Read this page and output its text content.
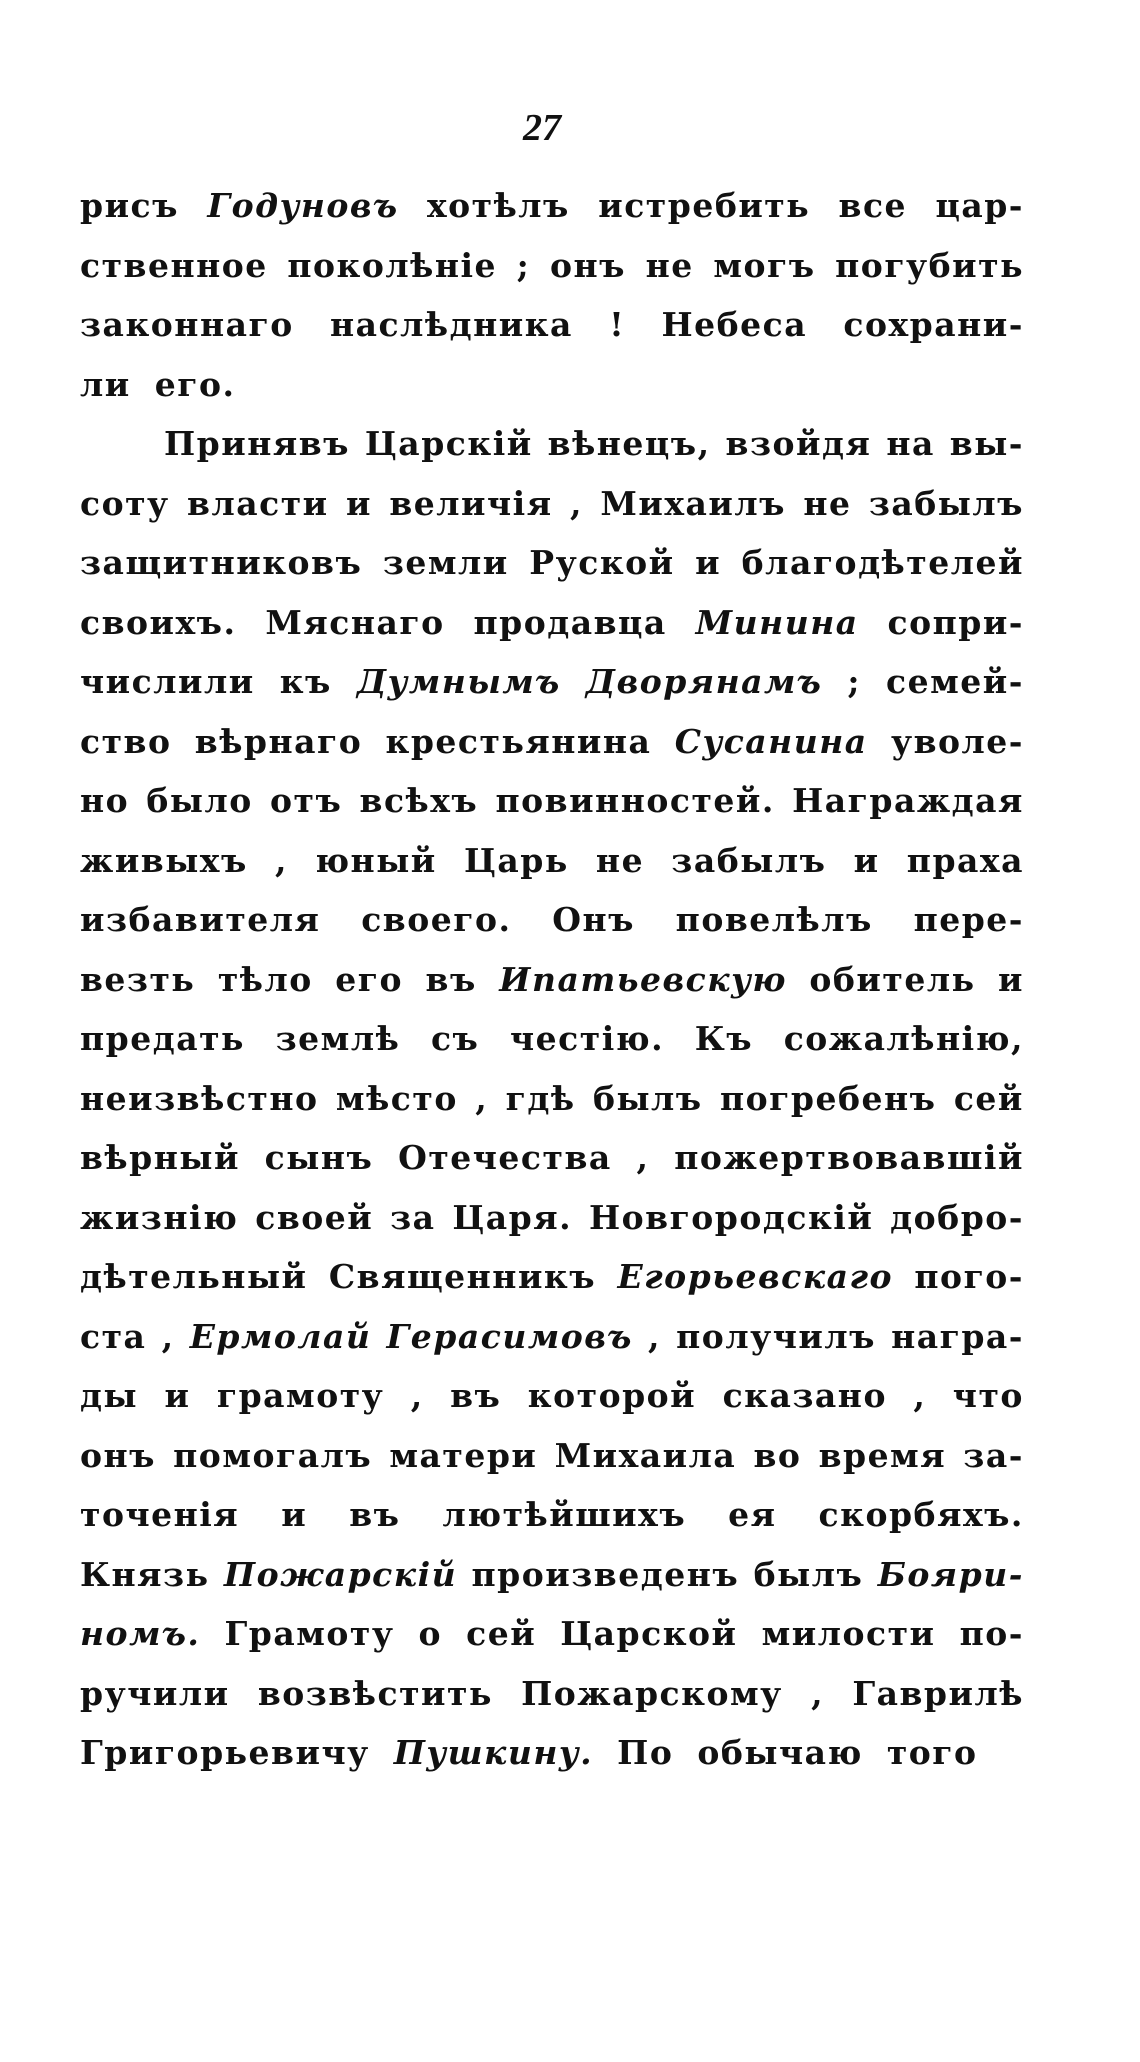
27
рисъ Годуновъ хотѣлъ истребить все цар-
ственное поколѣніе ; онъ не могъ погубить
законнаго наслѣдника ! Небеса сохрани-
ли его.
Принявъ Царскій вѣнецъ, взойдя на вы-
соту власти и величія , Михаилъ не забылъ
защитниковъ земли Руской и благодѣтелей
своихъ. Мяснаго продавца Минина сопри-
числили къ Думнымъ Дворянамъ ; семей-
ство вѣрнаго крестьянина Сусанина уволе-
но было отъ всѣхъ повинностей. Награждая
живыхъ , юный Царь не забылъ и праха
избавителя своего. Онъ повелѣлъ пере-
везть тѣло его въ Ипатьевскую обитель и
предать землѣ съ честію. Къ сожалѣнію,
неизвѣстно мѣсто , гдѣ былъ погребенъ сей
вѣрный сынъ Отечества , пожертвовавшій
жизнію своей за Царя. Новгородскій добро-
дѣтельный Священникъ Егорьевскаго пого-
ста , Ермолай Герасимовъ , получилъ награ-
ды и грамоту , въ которой сказано , что
онъ помогалъ матери Михаила во время за-
точенія и въ лютѣйшихъ ея скорбяхъ.
Князь Пожарскій произведенъ былъ Бояри-
номъ. Грамоту о сей Царской милости по-
ручили возвѣстить Пожарскому , Гаврилѣ
Григорьевичу Пушкину. По обычаю того
